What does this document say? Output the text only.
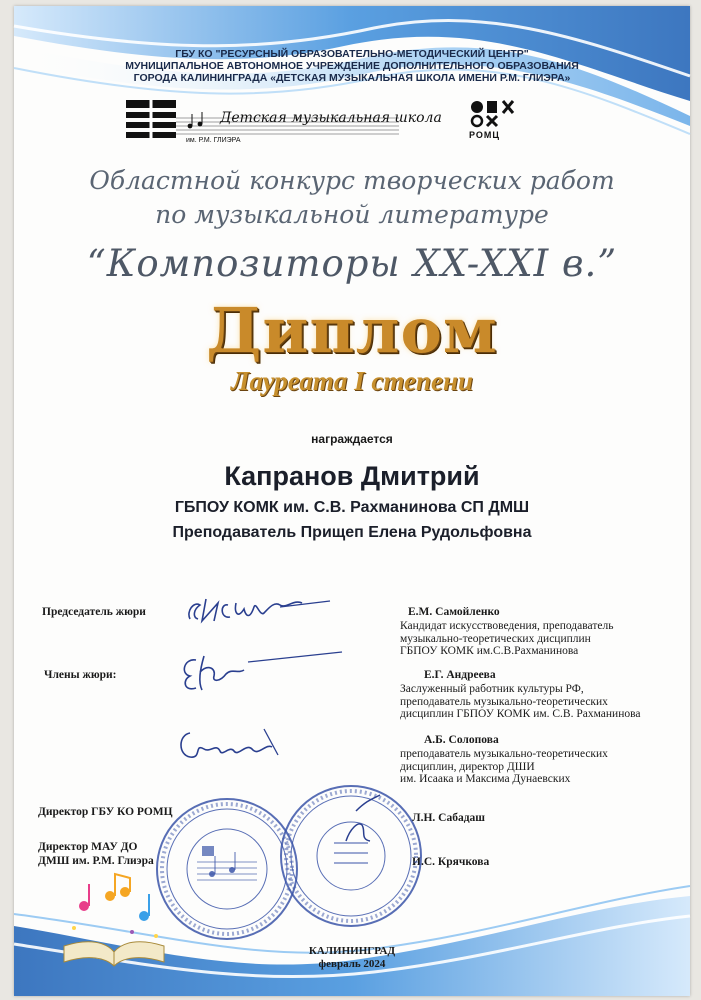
ГБУ КО "РЕСУРСНЫЙ ОБРАЗОВАТЕЛЬНО-МЕТОДИЧЕСКИЙ ЦЕНТР"
МУНИЦИПАЛЬНОЕ АВТОНОМНОЕ УЧРЕЖДЕНИЕ ДОПОЛНИТЕЛЬНОГО ОБРАЗОВАНИЯ
ГОРОДА КАЛИНИНГРАДА «ДЕТСКАЯ МУЗЫКАЛЬНАЯ ШКОЛА ИМЕНИ Р.М. ГЛИЭРА»
Детская музыкальная школа
им. Р.М. ГЛИЭРА
РОМЦ
Областной конкурс творческих работ
по музыкальной литературе
“Композиторы XX-XXI в.”
Диплом
Лауреата I степени
награждается
Капранов Дмитрий
ГБПОУ КОМК им. С.В. Рахманинова СП ДМШ
Преподаватель Прищеп Елена Рудольфовна
Председатель жюри	Е.М. Самойленко
Кандидат искусствоведения, преподаватель
музыкально-теоретических дисциплин
ГБПОУ КОМК им.С.В.Рахманинова
Члены жюри:	Е.Г. Андреева
Заслуженный работник культуры РФ,
преподаватель музыкально-теоретических
дисциплин ГБПОУ КОМК им. С.В. Рахманинова
А.Б. Солопова
преподаватель музыкально-теоретических
дисциплин, директор ДШИ
им. Исаака и Максима Дунаевских
Директор ГБУ КО РОМЦ	Л.Н. Сабадаш
Директор МАУ ДО
ДМШ им. Р.М. Глиэра	И.С. Крячкова
КАЛИНИНГРАД
февраль 2024
